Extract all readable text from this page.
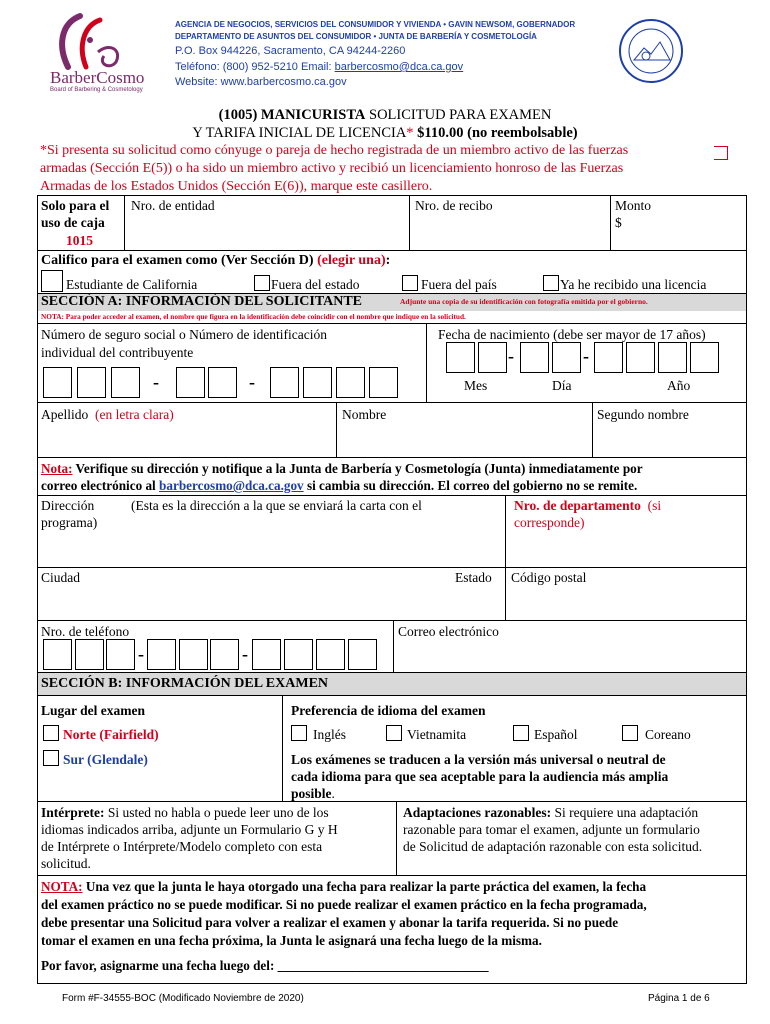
BarberCosmo
Board of Barbering & Cosmetology
AGENCIA DE NEGOCIOS, SERVICIOS DEL CONSUMIDOR Y VIVIENDA • GAVIN NEWSOM, GOBERNADOR
DEPARTAMENTO DE ASUNTOS DEL CONSUMIDOR • JUNTA DE BARBERÍA Y COSMETOLOGÍA
P.O. Box 944226, Sacramento, CA 94244-2260
Teléfono: (800) 952-5210 Email: barbercosmo@dca.ca.gov
Website: www.barbercosmo.ca.gov
(1005) MANICURISTA SOLICITUD PARA EXAMEN
Y TARIFA INICIAL DE LICENCIA* $110.00 (no reembolsable)
*Si presenta su solicitud como cónyuge o pareja de hecho registrada de un miembro activo de las fuerzas
armadas (Sección E(5)) o ha sido un miembro activo y recibió un licenciamiento honroso de las Fuerzas
Armadas de los Estados Unidos (Sección E(6)), marque este casillero.
Solo para el uso de caja
1015
Nro. de entidad	Nro. de recibo	Monto
$
Califico para el examen como (Ver Sección D) (elegir una):
Estudiante de California	Fuera del estado	Fuera del país	Ya he recibido una licencia
SECCIÓN A: INFORMACIÓN DEL SOLICITANTE	Adjunte una copia de su identificación con fotografía emitida por el gobierno.
NOTA: Para poder acceder al examen, el nombre que figura en la identificación debe coincidir con el nombre que indique en la solicitud.
Número de seguro social o Número de identificación
individual del contribuyente
Fecha de nacimiento (debe ser mayor de 17 años)
-	-
-	-
Mes	Día	Año
Apellido (en letra clara)	Nombre	Segundo nombre
Nota: Verifique su dirección y notifique a la Junta de Barbería y Cosmetología (Junta) inmediatamente por
correo electrónico al barbercosmo@dca.ca.gov si cambia su dirección. El correo del gobierno no se remite.
Dirección	(Esta es la dirección a la que se enviará la carta con el
programa)
Nro. de departamento (si
corresponde)
Ciudad	Estado Código postal
Nro. de teléfono	Correo electrónico
-	-
SECCIÓN B: INFORMACIÓN DEL EXAMEN
Lugar del examen
Norte (Fairfield)
Sur (Glendale)
Preferencia de idioma del examen
Inglés	Vietnamita	Español	Coreano
Los exámenes se traducen a la versión más universal o neutral de
cada idioma para que sea aceptable para la audiencia más amplia
posible.
Intérprete: Si usted no habla o puede leer uno de los
idiomas indicados arriba, adjunte un Formulario G y H
de Intérprete o Intérprete/Modelo completo con esta
solicitud.
Adaptaciones razonables: Si requiere una adaptación
razonable para tomar el examen, adjunte un formulario
de Solicitud de adaptación razonable con esta solicitud.
NOTA: Una vez que la junta le haya otorgado una fecha para realizar la parte práctica del examen, la fecha
del examen práctico no se puede modificar. Si no puede realizar el examen práctico en la fecha programada,
debe presentar una Solicitud para volver a realizar el examen y abonar la tarifa requerida. Si no puede
tomar el examen en una fecha próxima, la Junta le asignará una fecha luego de la misma.
Por favor, asignarme una fecha luego del: ________________________________
Form #F-34555-BOC (Modificado Noviembre de 2020)	Página 1 de 6
